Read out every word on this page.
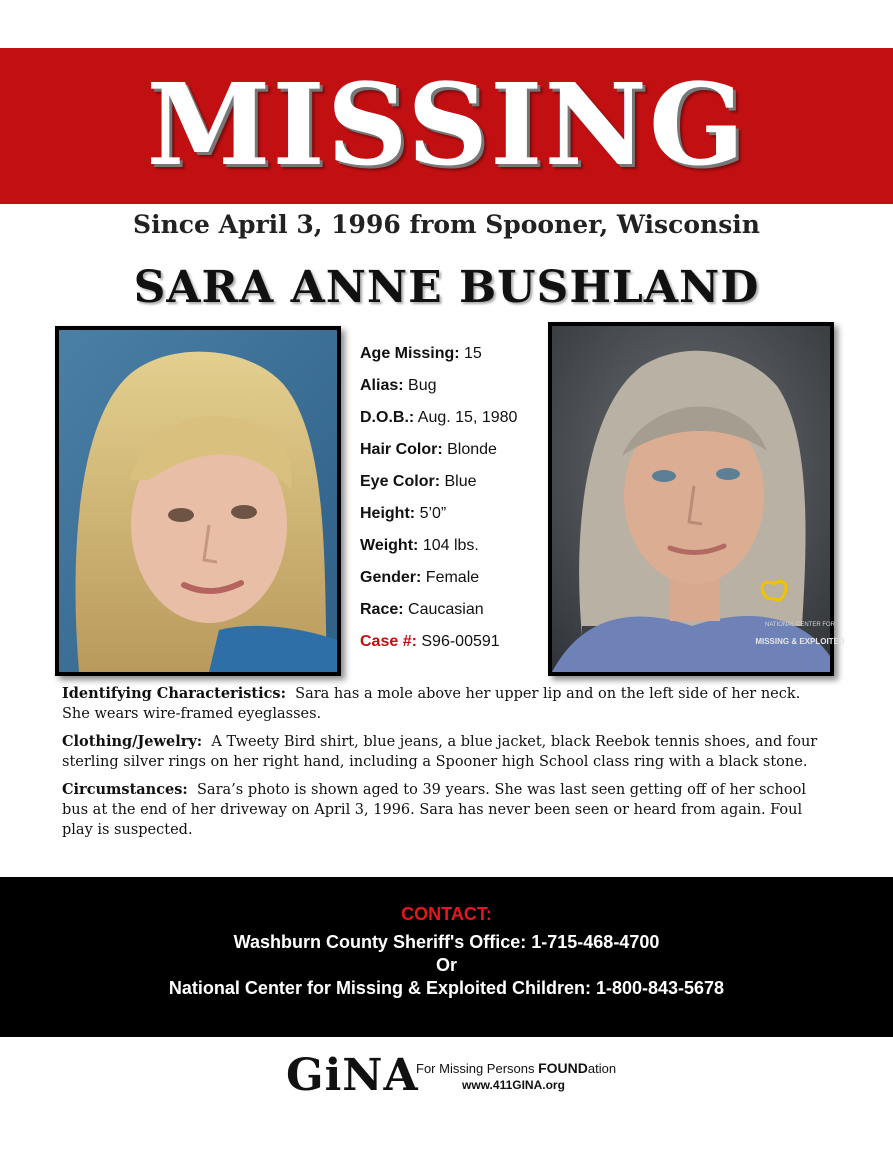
MISSING
Since April 3, 1996 from Spooner, Wisconsin
SARA ANNE BUSHLAND
NATIONAL CENTER FOR
MISSING & EXPLOITED
Age Missing: 15
Alias: Bug
D.O.B.: Aug. 15, 1980
Hair Color: Blonde
Eye Color: Blue
Height: 5’0”
Weight: 104 lbs.
Gender: Female
Race: Caucasian
Case #: S96-00591

Identifying Characteristics: Sara has a mole above her upper lip and on the left side of her neck. She wears wire-framed eyeglasses.

Clothing/Jewelry: A Tweety Bird shirt, blue jeans, a blue jacket, black Reebok tennis shoes, and four sterling silver rings on her right hand, including a Spooner high School class ring with a black stone.

Circumstances: Sara’s photo is shown aged to 39 years. She was last seen getting off of her school bus at the end of her driveway on April 3, 1996. Sara has never been seen or heard from again. Foul play is suspected.

CONTACT:
Washburn County Sheriff's Office: 1-715-468-4700
Or
National Center for Missing & Exploited Children: 1-800-843-5678
GiNA
For Missing Persons FOUNDation
www.411GINA.org
